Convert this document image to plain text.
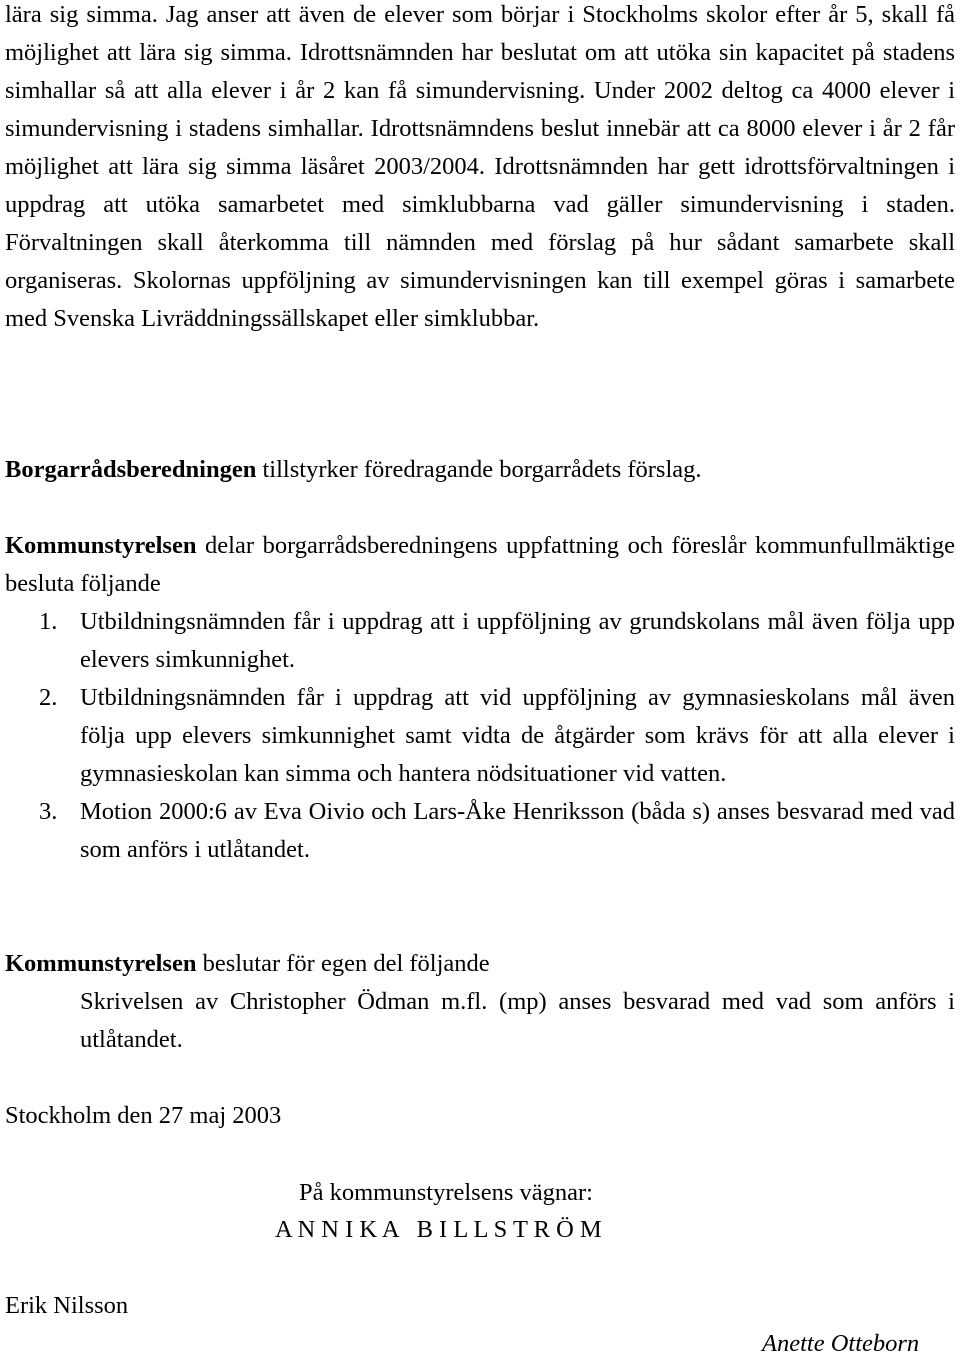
lära sig simma. Jag anser att även de elever som börjar i Stockholms skolor efter år 5, skall få möjlighet att lära sig simma. Idrottsnämnden har beslutat om att utöka sin kapacitet på stadens simhallar så att alla elever i år 2 kan få simundervisning. Under 2002 deltog ca 4000 elever i simundervisning i stadens simhallar. Idrottsnämndens beslut innebär att ca 8000 elever i år 2 får möjlighet att lära sig simma läsåret 2003/2004. Idrottsnämnden har gett idrottsförvaltningen i uppdrag att utöka samarbetet med simklubbarna vad gäller simundervisning i staden. Förvaltningen skall återkomma till nämnden med förslag på hur sådant samarbete skall organiseras. Skolornas uppföljning av simundervisningen kan till exempel göras i samarbete med Svenska Livräddningssällskapet eller simklubbar.

Borgarrådsberedningen tillstyrker föredragande borgarrådets förslag.

Kommunstyrelsen delar borgarrådsberedningens uppfattning och föreslår kommunfullmäktige besluta följande

1. Utbildningsnämnden får i uppdrag att i uppföljning av grundskolans mål även följa upp elevers simkunnighet.
2. Utbildningsnämnden får i uppdrag att vid uppföljning av gymnasieskolans mål även följa upp elevers simkunnighet samt vidta de åtgärder som krävs för att alla elever i gymnasieskolan kan simma och hantera nödsituationer vid vatten.
3. Motion 2000:6 av Eva Oivio och Lars-Åke Henriksson (båda s) anses besvarad med vad som anförs i utlåtandet.

Kommunstyrelsen beslutar för egen del följande

Skrivelsen av Christopher Ödman m.fl. (mp) anses besvarad med vad som anförs i utlåtandet.

Stockholm den 27 maj 2003
På kommunstyrelsens vägnar:
A N N I K A   B I L L S T R Ö M
Erik Nilsson
Anette Otteborn
